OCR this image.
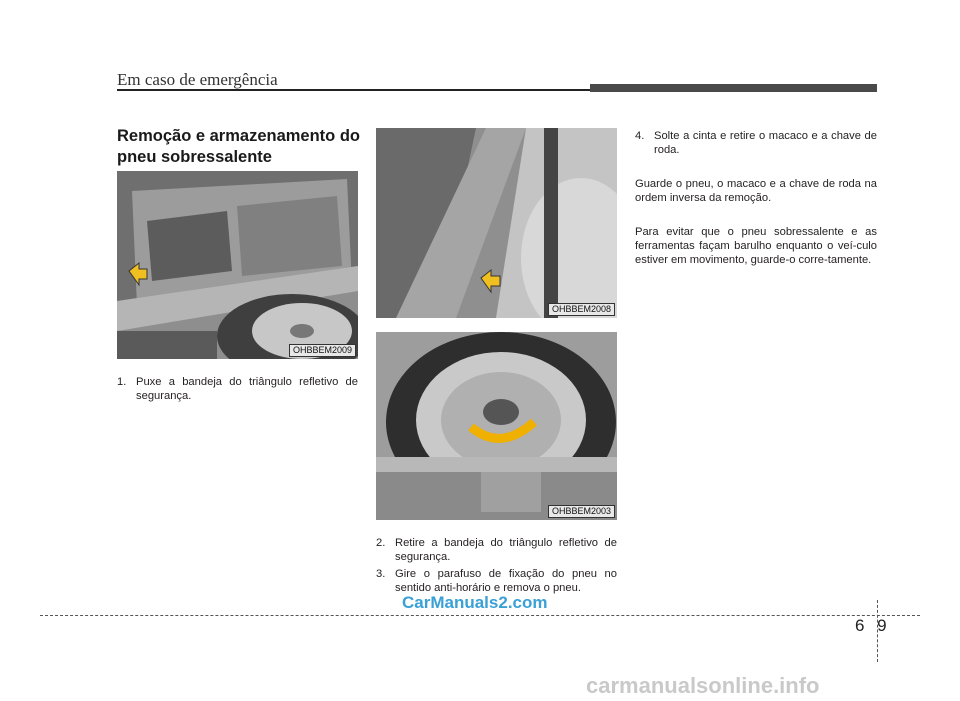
Em caso de emergência
Remoção e armazenamento do pneu sobressalente
OHBBEM2009
OHBBEM2008
OHBBEM2003
1. Puxe a bandeja do triângulo refletivo de segurança.
2. Retire a bandeja do triângulo refletivo de segurança.
3. Gire o parafuso de fixação do pneu no sentido anti-horário e remova o pneu.
4. Solte a cinta e retire o macaco e a chave de roda.
Guarde o pneu, o macaco e a chave de roda na ordem inversa da remoção.
Para evitar que o pneu sobressalente e as ferramentas façam barulho enquanto o veí-culo estiver em movimento, guarde-o corre-tamente.
6 9
CarManuals2.com
carmanualsonline.info
